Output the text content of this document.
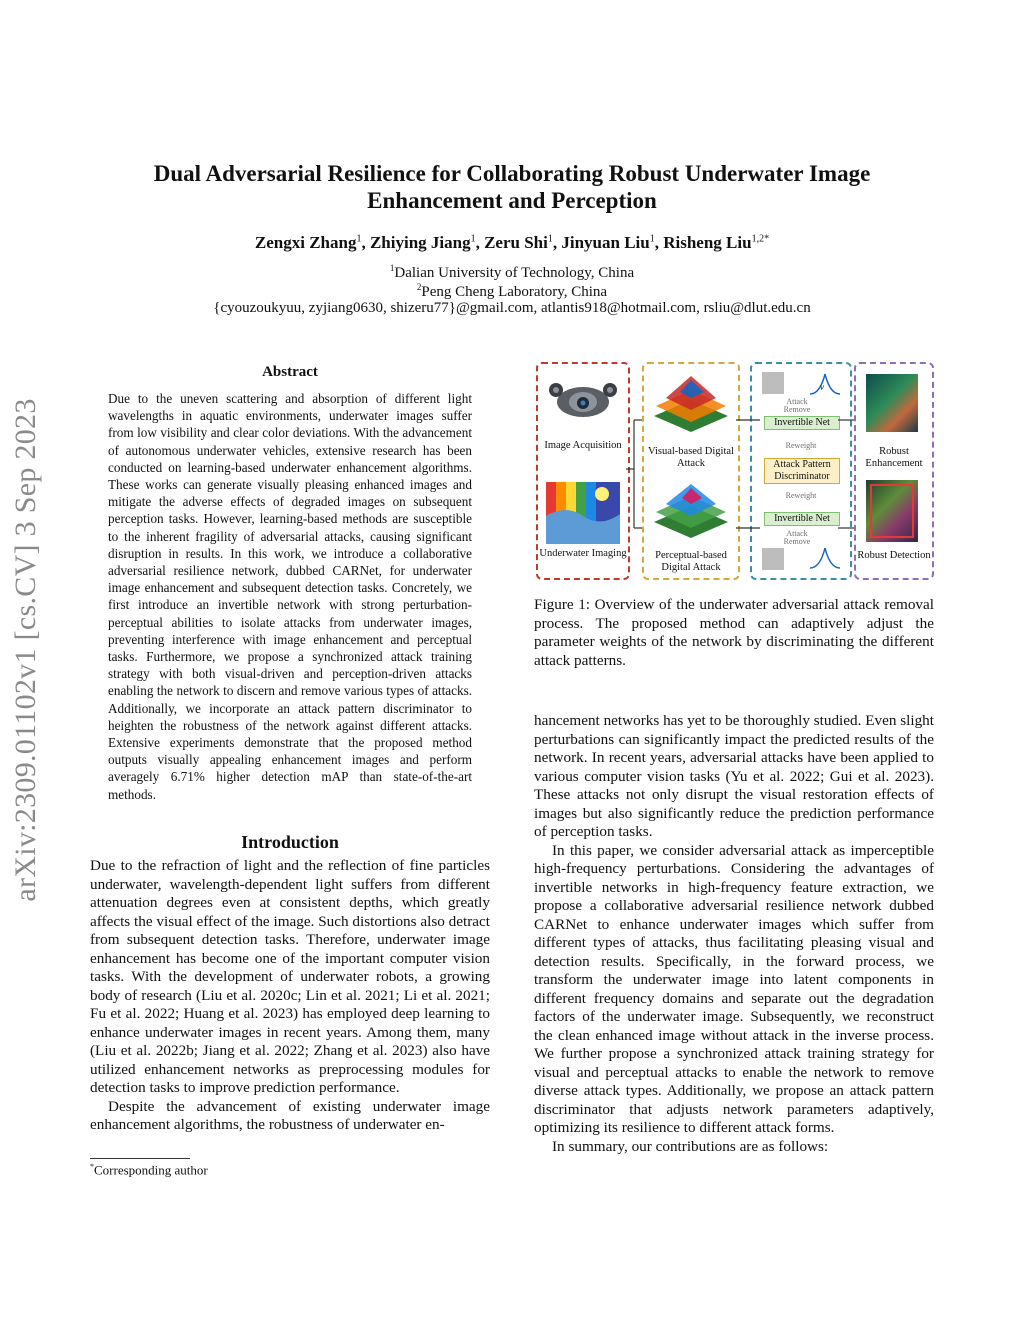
Dual Adversarial Resilience for Collaborating Robust Underwater Image
Enhancement and Perception
Zengxi Zhang$^1$, Zhiying Jiang$^1$, Zeru Shi$^1$, Jinyuan Liu$^1$, Risheng Liu$^{1,2*}$
$^1$Dalian University of Technology, China
$^2$Peng Cheng Laboratory, China
{cyouzoukyuu, zyjiang0630, shizeru77}@gmail.com, atlantis918@hotmail.com, rsliu@dlut.edu.cn
arXiv:2309.01102v1 [cs.CV] 3 Sep 2023
Abstract
Due to the uneven scattering and absorption of different light wavelengths in aquatic environments, underwater images suffer from low visibility and clear color deviations. With the advancement of autonomous underwater vehicles, extensive research has been conducted on learning-based underwater enhancement algorithms. These works can generate visually pleasing enhanced images and mitigate the adverse effects of degraded images on subsequent perception tasks. However, learning-based methods are susceptible to the inherent fragility of adversarial attacks, causing significant disruption in results. In this work, we introduce a collaborative adversarial resilience network, dubbed CARNet, for underwater image enhancement and subsequent detection tasks. Concretely, we first introduce an invertible network with strong perturbation-perceptual abilities to isolate attacks from underwater images, preventing interference with image enhancement and perceptual tasks. Furthermore, we propose a synchronized attack training strategy with both visual-driven and perception-driven attacks enabling the network to discern and remove various types of attacks. Additionally, we incorporate an attack pattern discriminator to heighten the robustness of the network against different attacks. Extensive experiments demonstrate that the proposed method outputs visually appealing enhancement images and perform averagely 6.71% higher detection mAP than state-of-the-art methods.
Introduction

Due to the refraction of light and the reflection of fine particles underwater, wavelength-dependent light suffers from different attenuation degrees even at consistent depths, which greatly affects the visual effect of the image. Such distortions also detract from subsequent detection tasks. Therefore, underwater image enhancement has become one of the important computer vision tasks. With the development of underwater robots, a growing body of research (Liu et al. 2020c; Lin et al. 2021; Li et al. 2021; Fu et al. 2022; Huang et al. 2023) has employed deep learning to enhance underwater images in recent years. Among them, many (Liu et al. 2022b; Jiang et al. 2022; Zhang et al. 2023) also have utilized enhancement networks as preprocessing modules for detection tasks to improve prediction performance.

Despite the advancement of existing underwater image enhancement algorithms, the robustness of underwater en-

*Corresponding author
Image Acquisition
Underwater Imaging
Visual-based Digital Attack
Perceptual-based Digital Attack
v
Attack Remove
Invertible Net
Reweight
Attack Pattern Discriminator
Reweight
Invertible Net
Attack Remove
Robust Enhancement
Robust Detection
Figure 1: Overview of the underwater adversarial attack removal process. The proposed method can adaptively adjust the parameter weights of the network by discriminating the different attack patterns.

hancement networks has yet to be thoroughly studied. Even slight perturbations can significantly impact the predicted results of the network. In recent years, adversarial attacks have been applied to various computer vision tasks (Yu et al. 2022; Gui et al. 2023). These attacks not only disrupt the visual restoration effects of images but also significantly reduce the prediction performance of perception tasks.

In this paper, we consider adversarial attack as imperceptible high-frequency perturbations. Considering the advantages of invertible networks in high-frequency feature extraction, we propose a collaborative adversarial resilience network dubbed CARNet to enhance underwater images which suffer from different types of attacks, thus facilitating pleasing visual and detection results. Specifically, in the forward process, we transform the underwater image into latent components in different frequency domains and separate out the degradation factors of the underwater image. Subsequently, we reconstruct the clean enhanced image without attack in the inverse process. We further propose a synchronized attack training strategy for visual and perceptual attacks to enable the network to remove diverse attack types. Additionally, we propose an attack pattern discriminator that adjusts network parameters adaptively, optimizing its resilience to different attack forms.

In summary, our contributions are as follows:
